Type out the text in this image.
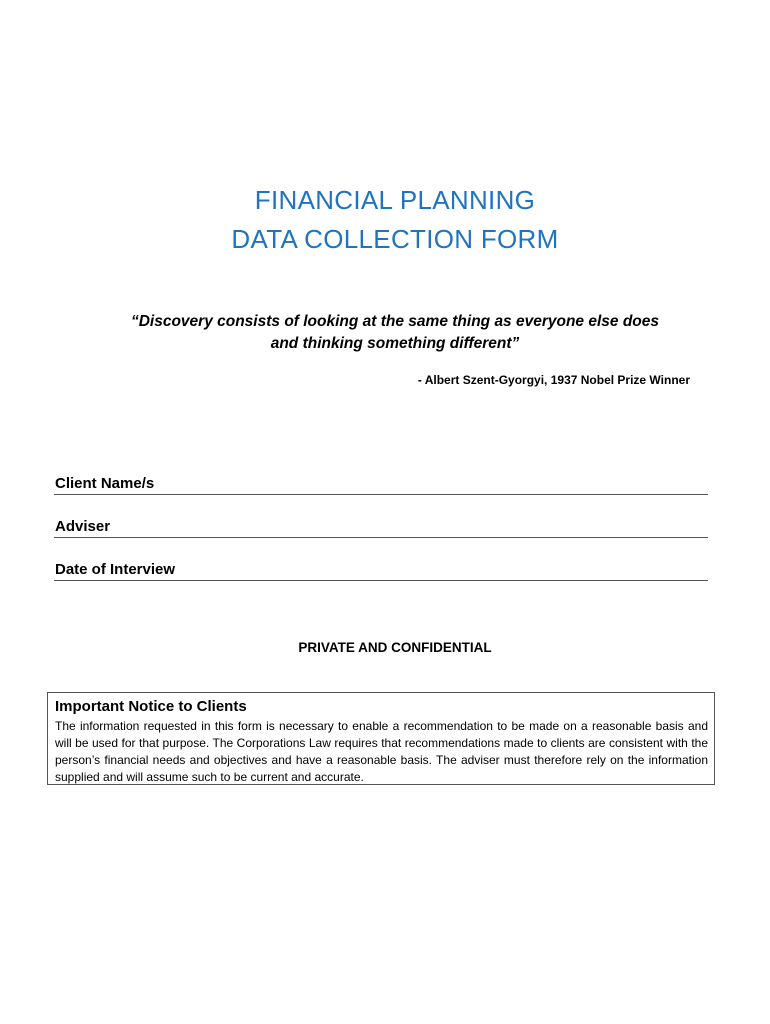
FINANCIAL PLANNING
DATA COLLECTION FORM
“Discovery consists of looking at the same thing as everyone else does
and thinking something different”
- Albert Szent-Gyorgyi, 1937 Nobel Prize Winner
Client Name/s
Adviser
Date of Interview
PRIVATE AND CONFIDENTIAL

Important Notice to Clients

The information requested in this form is necessary to enable a recommendation to be made on a reasonable basis and will be used for that purpose. The Corporations Law requires that recommendations made to clients are consistent with the person’s financial needs and objectives and have a reasonable basis. The adviser must therefore rely on the information supplied and will assume such to be current and accurate.
